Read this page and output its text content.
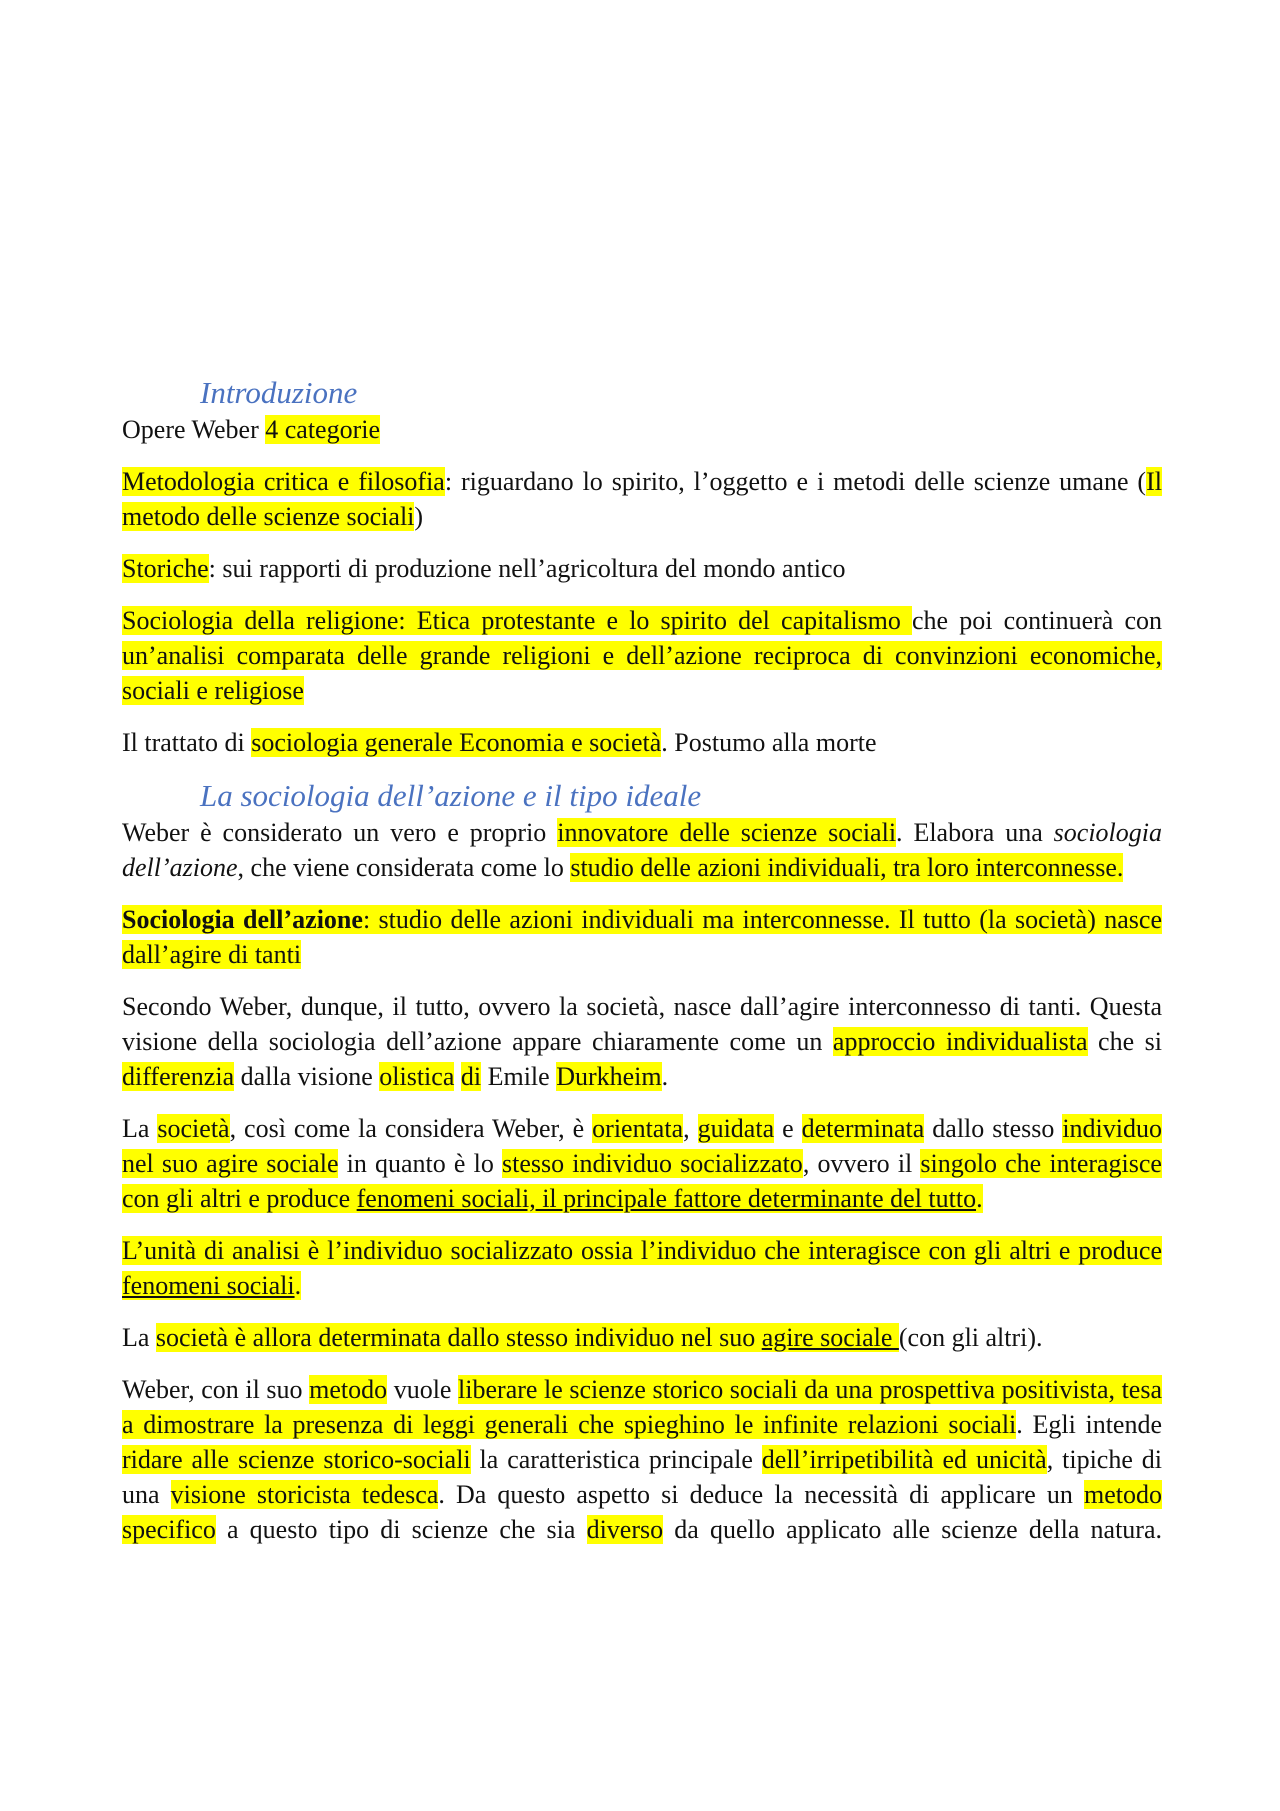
Introduzione
Opere Weber 4 categorie
Metodologia critica e filosofia: riguardano lo spirito, l’oggetto e i metodi delle scienze umane (Il metodo delle scienze sociali)
Storiche: sui rapporti di produzione nell’agricoltura del mondo antico
Sociologia della religione: Etica protestante e lo spirito del capitalismo che poi continuerà con un’analisi comparata delle grande religioni e dell’azione reciproca di convinzioni economiche, sociali e religiose
Il trattato di sociologia generale Economia e società. Postumo alla morte
La sociologia dell’azione e il tipo ideale
Weber è considerato un vero e proprio innovatore delle scienze sociali. Elabora una sociologia dell’azione, che viene considerata come lo studio delle azioni individuali, tra loro interconnesse.
Sociologia dell’azione: studio delle azioni individuali ma interconnesse. Il tutto (la società) nasce dall’agire di tanti
Secondo Weber, dunque, il tutto, ovvero la società, nasce dall’agire interconnesso di tanti. Questa visione della sociologia dell’azione appare chiaramente come un approccio individualista che si differenzia dalla visione olistica di Emile Durkheim.
La società, così come la considera Weber, è orientata, guidata e determinata dallo stesso individuo nel suo agire sociale in quanto è lo stesso individuo socializzato, ovvero il singolo che interagisce con gli altri e produce fenomeni sociali, il principale fattore determinante del tutto.
L’unità di analisi è l’individuo socializzato ossia l’individuo che interagisce con gli altri e produce fenomeni sociali.
La società è allora determinata dallo stesso individuo nel suo agire sociale (con gli altri).
Weber, con il suo metodo vuole liberare le scienze storico sociali da una prospettiva positivista, tesa a dimostrare la presenza di leggi generali che spieghino le infinite relazioni sociali. Egli intende ridare alle scienze storico-sociali la caratteristica principale dell’irripetibilità ed unicità, tipiche di una visione storicista tedesca. Da questo aspetto si deduce la necessità di applicare un metodo specifico a questo tipo di scienze che sia diverso da quello applicato alle scienze della natura.
